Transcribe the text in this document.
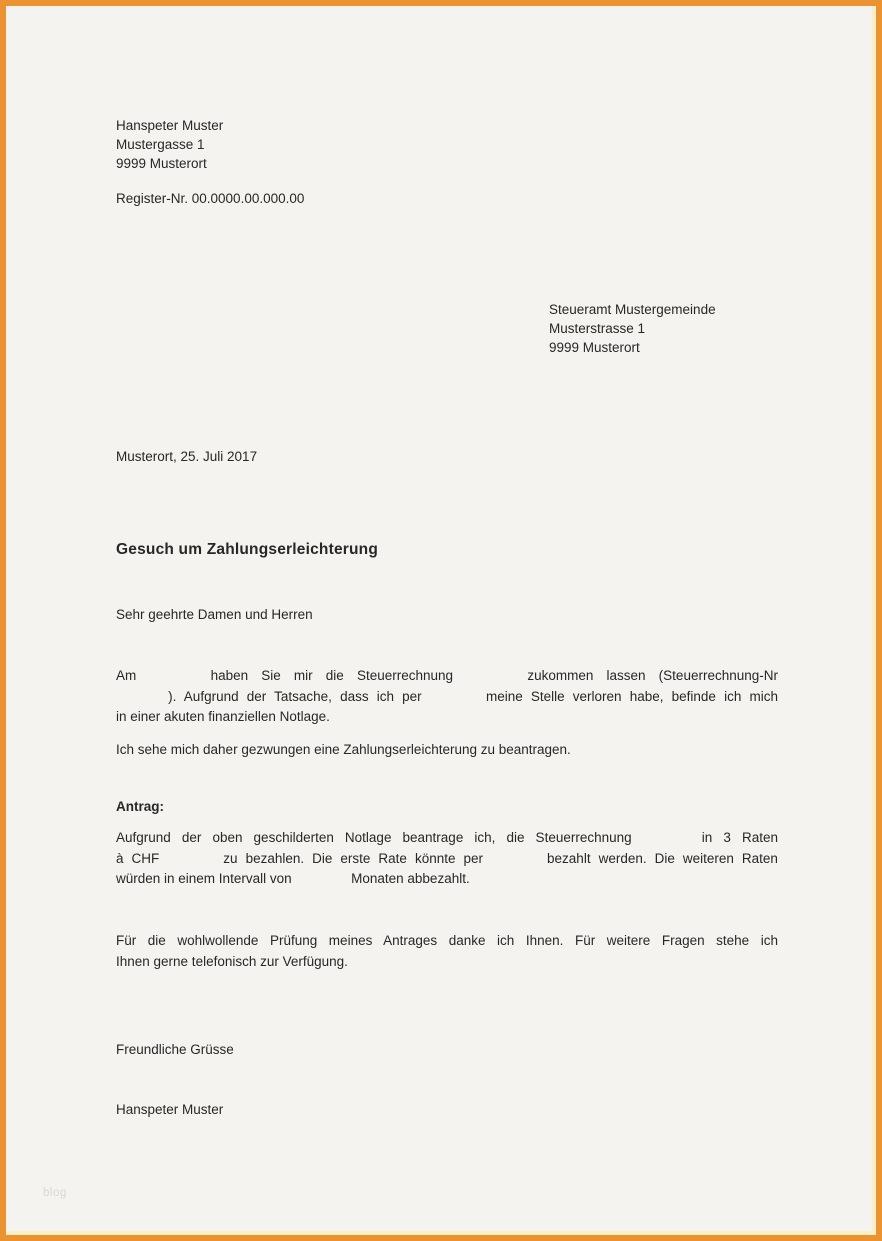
Hanspeter Muster
Mustergasse 1
9999 Musterort
Register-Nr. 00.0000.00.000.00
Steueramt Mustergemeinde
Musterstrasse 1
9999 Musterort
Musterort, 25. Juli 2017
Gesuch um Zahlungserleichterung
Sehr geehrte Damen und Herren
Am	haben Sie mir die Steuerrechnung	zukommen lassen (Steuerrechnung-Nr
). Aufgrund der Tatsache, dass ich per	meine Stelle verloren habe, befinde ich mich
in einer akuten finanziellen Notlage.
Ich sehe mich daher gezwungen eine Zahlungserleichterung zu beantragen.
Antrag:
Aufgrund der oben geschilderten Notlage beantrage ich, die Steuerrechnung	in 3 Raten
à CHF	zu bezahlen. Die erste Rate könnte per	bezahlt werden. Die weiteren Raten
würden in einem Intervall von	Monaten abbezahlt.
Für die wohlwollende Prüfung meines Antrages danke ich Ihnen. Für weitere Fragen stehe ich
Ihnen gerne telefonisch zur Verfügung.
Freundliche Grüsse
Hanspeter Muster
blog
